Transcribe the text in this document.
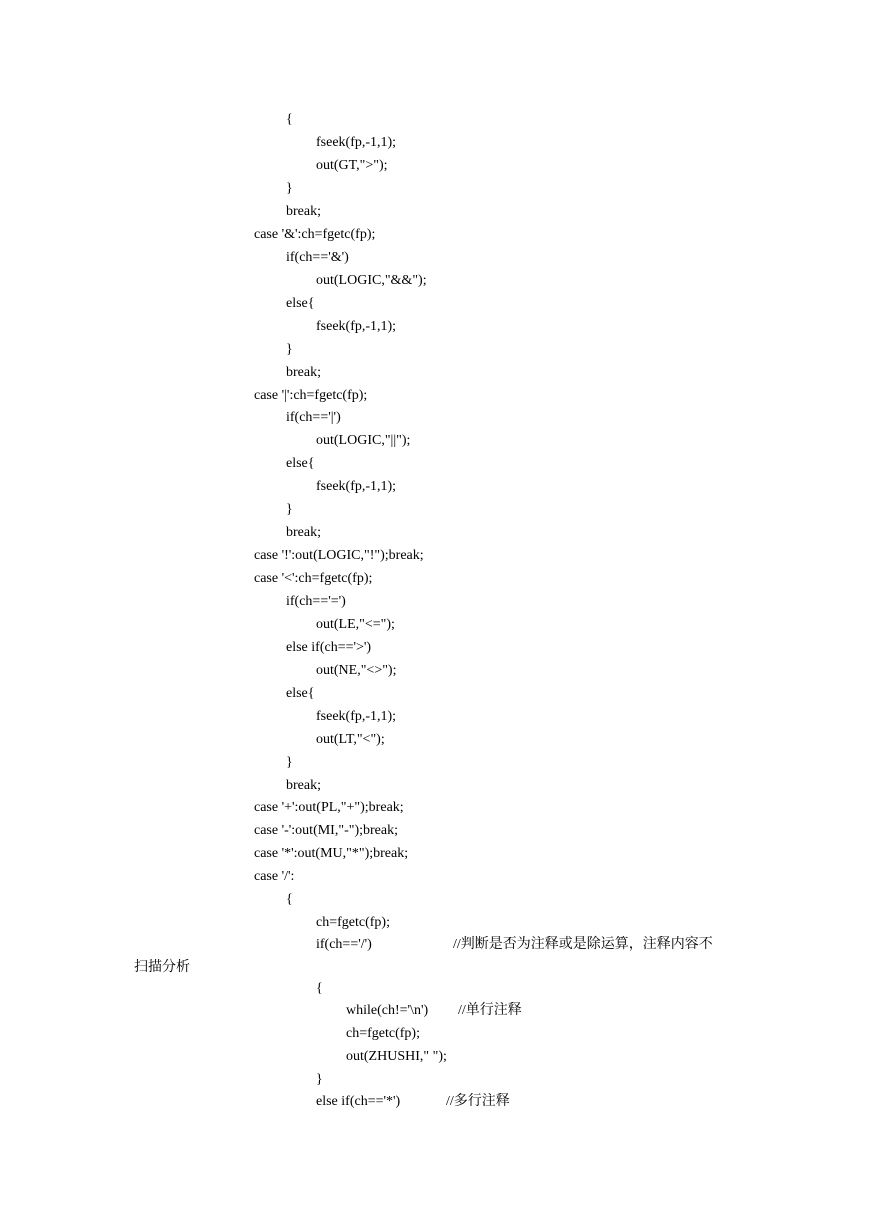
{
fseek(fp,-1,1);
out(GT,">");
}
break;
case '&':ch=fgetc(fp);
if(ch=='&')
out(LOGIC,"&&");
else{
fseek(fp,-1,1);
}
break;
case '|':ch=fgetc(fp);
if(ch=='|')
out(LOGIC,"||");
else{
fseek(fp,-1,1);
}
break;
case '!':out(LOGIC,"!");break;
case '<':ch=fgetc(fp);
if(ch=='=')
out(LE,"<=");
else if(ch=='>')
out(NE,"<>");
else{
fseek(fp,-1,1);
out(LT,"<");
}
break;
case '+':out(PL,"+");break;
case '-':out(MI,"-");break;
case '*':out(MU,"*");break;
case '/':
{
ch=fgetc(fp);
if(ch=='/')	//判断是否为注释或是除运算，注释内容不
扫描分析
{
while(ch!='\n') //单行注释
ch=fgetc(fp);
out(ZHUSHI," ");
}
else if(ch=='*')	//多行注释
